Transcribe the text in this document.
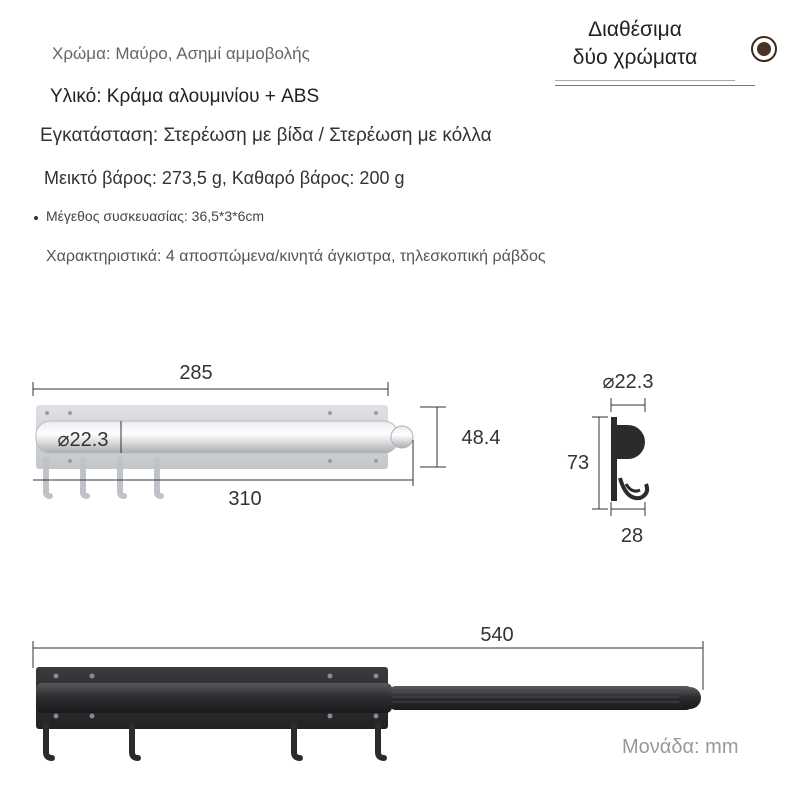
Χρώμα: Μαύρο, Ασημί αμμοβολής
Υλικό: Κράμα αλουμινίου + ABS
Εγκατάσταση: Στερέωση με βίδα / Στερέωση με κόλλα
Μεικτό βάρος: 273,5 g, Καθαρό βάρος: 200 g
Μέγεθος συσκευασίας: 36,5*3*6cm
Χαρακτηριστικά: 4 αποσπώμενα/κινητά άγκιστρα, τηλεσκοπική ράβδος
Διαθέσιμα
δύο χρώματα
285
⌀22.3	48.4
310
⌀22.3
73
28
540
Μονάδα: mm
